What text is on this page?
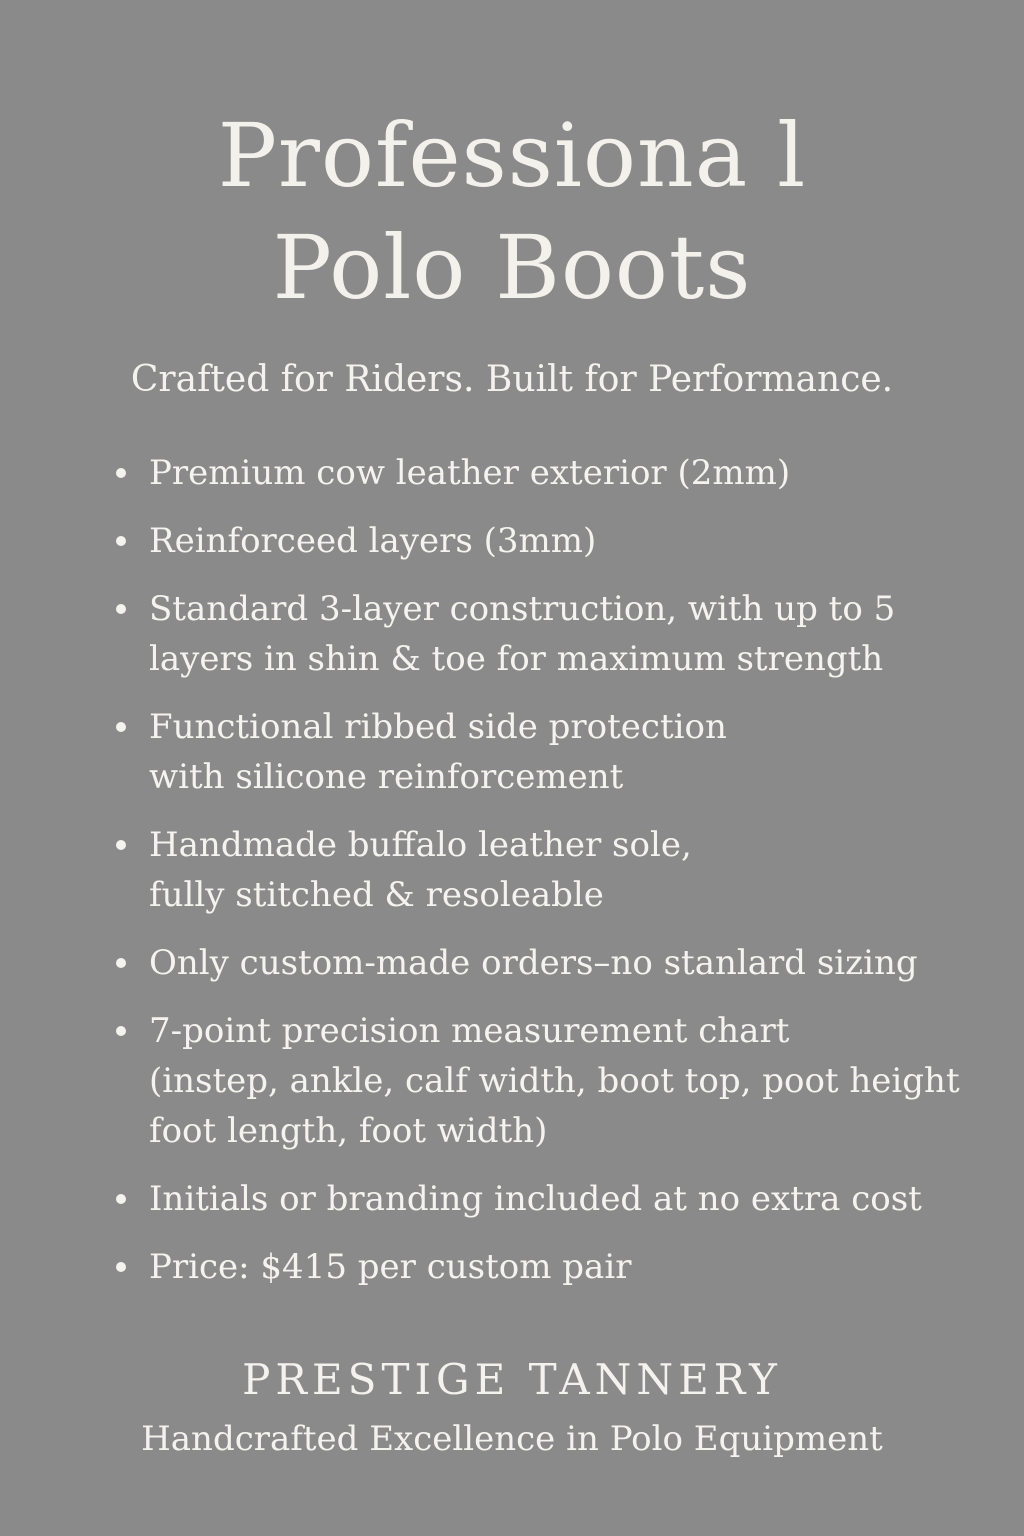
Professiona l
Polo Boots
Crafted for Riders. Built for Performance.
Premium cow leather exterior (2mm)
Reinforceed layers (3mm)
Standard 3-layer construction, with up to 5
layers in shin & toe for maximum strength
Functional ribbed side protection
with silicone reinforcement
Handmade buffalo leather sole,
fully stitched & resoleable
Only custom-made orders–no stanlard sizing
7-point precision measurement chart
(instep, ankle, calf width, boot top, poot height
foot length, foot width)
Initials or branding included at no extra cost
Price: $415 per custom pair
PRESTIGE TANNERY
Handcrafted Excellence in Polo Equipment
